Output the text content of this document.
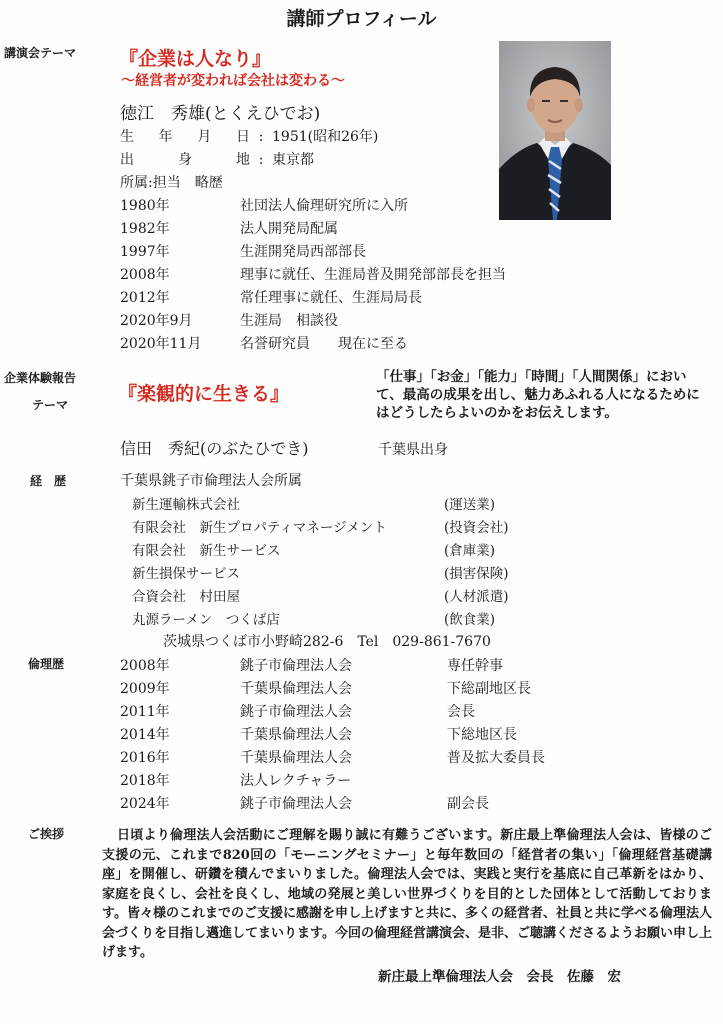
講師プロフィール
講演会テーマ
企業体験報告
テーマ
経　歴
倫理歴
ご挨拶
『企業は人なり』
～経営者が変われば会社は変わる～
徳江　秀雄(とくえひでお)
生年月日 : 1951(昭和26年)
出身地 : 東京都
所属:担当　略歴
1980年	社団法人倫理研究所に入所
1982年	法人開発局配属
1997年	生涯開発局西部部長
2008年	理事に就任、生涯局普及開発部部長を担当
2012年	常任理事に就任、生涯局局長
2020年9月	生涯局　相談役
2020年11月	名誉研究員　　現在に至る
『楽観的に生きる』
「仕事」「お金」「能力」「時間」「人間関係」において、最高の成果を出し、魅力あふれる人になるためにはどうしたらよいのかをお伝えします。
信田　秀紀(のぶたひでき)	千葉県出身
千葉県銚子市倫理法人会所属
新生運輸株式会社	(運送業)
有限会社　新生プロパティマネージメント	(投資会社)
有限会社　新生サービス	(倉庫業)
新生損保サービス	(損害保険)
合資会社　村田屋	(人材派遣)
丸源ラーメン　つくば店	(飲食業)
茨城県つくば市小野崎282-6　Tel　029-861-7670
2008年	銚子市倫理法人会	専任幹事
2009年	千葉県倫理法人会	下総副地区長
2011年	銚子市倫理法人会	会長
2014年	千葉県倫理法人会	下総地区長
2016年	千葉県倫理法人会	普及拡大委員長
2018年	法人レクチャラー
2024年	銚子市倫理法人会	副会長
日頃より倫理法人会活動にご理解を賜り誠に有難うございます。新庄最上準倫理法人会は、皆様のご支援の元、これまで820回の「モーニングセミナー」と毎年数回の「経営者の集い」「倫理経営基礎講座」を開催し、研鑽を積んでまいりました。倫理法人会では、実践と実行を基底に自己革新をはかり、家庭を良くし、会社を良くし、地域の発展と美しい世界づくりを目的とした団体として活動しております。皆々様のこれまでのご支援に感謝を申し上げますと共に、多くの経営者、社員と共に学べる倫理法人会づくりを目指し邁進してまいります。今回の倫理経営講演会、是非、ご聴講くださるようお願い申し上げます。
新庄最上準倫理法人会　会長　佐藤　宏
